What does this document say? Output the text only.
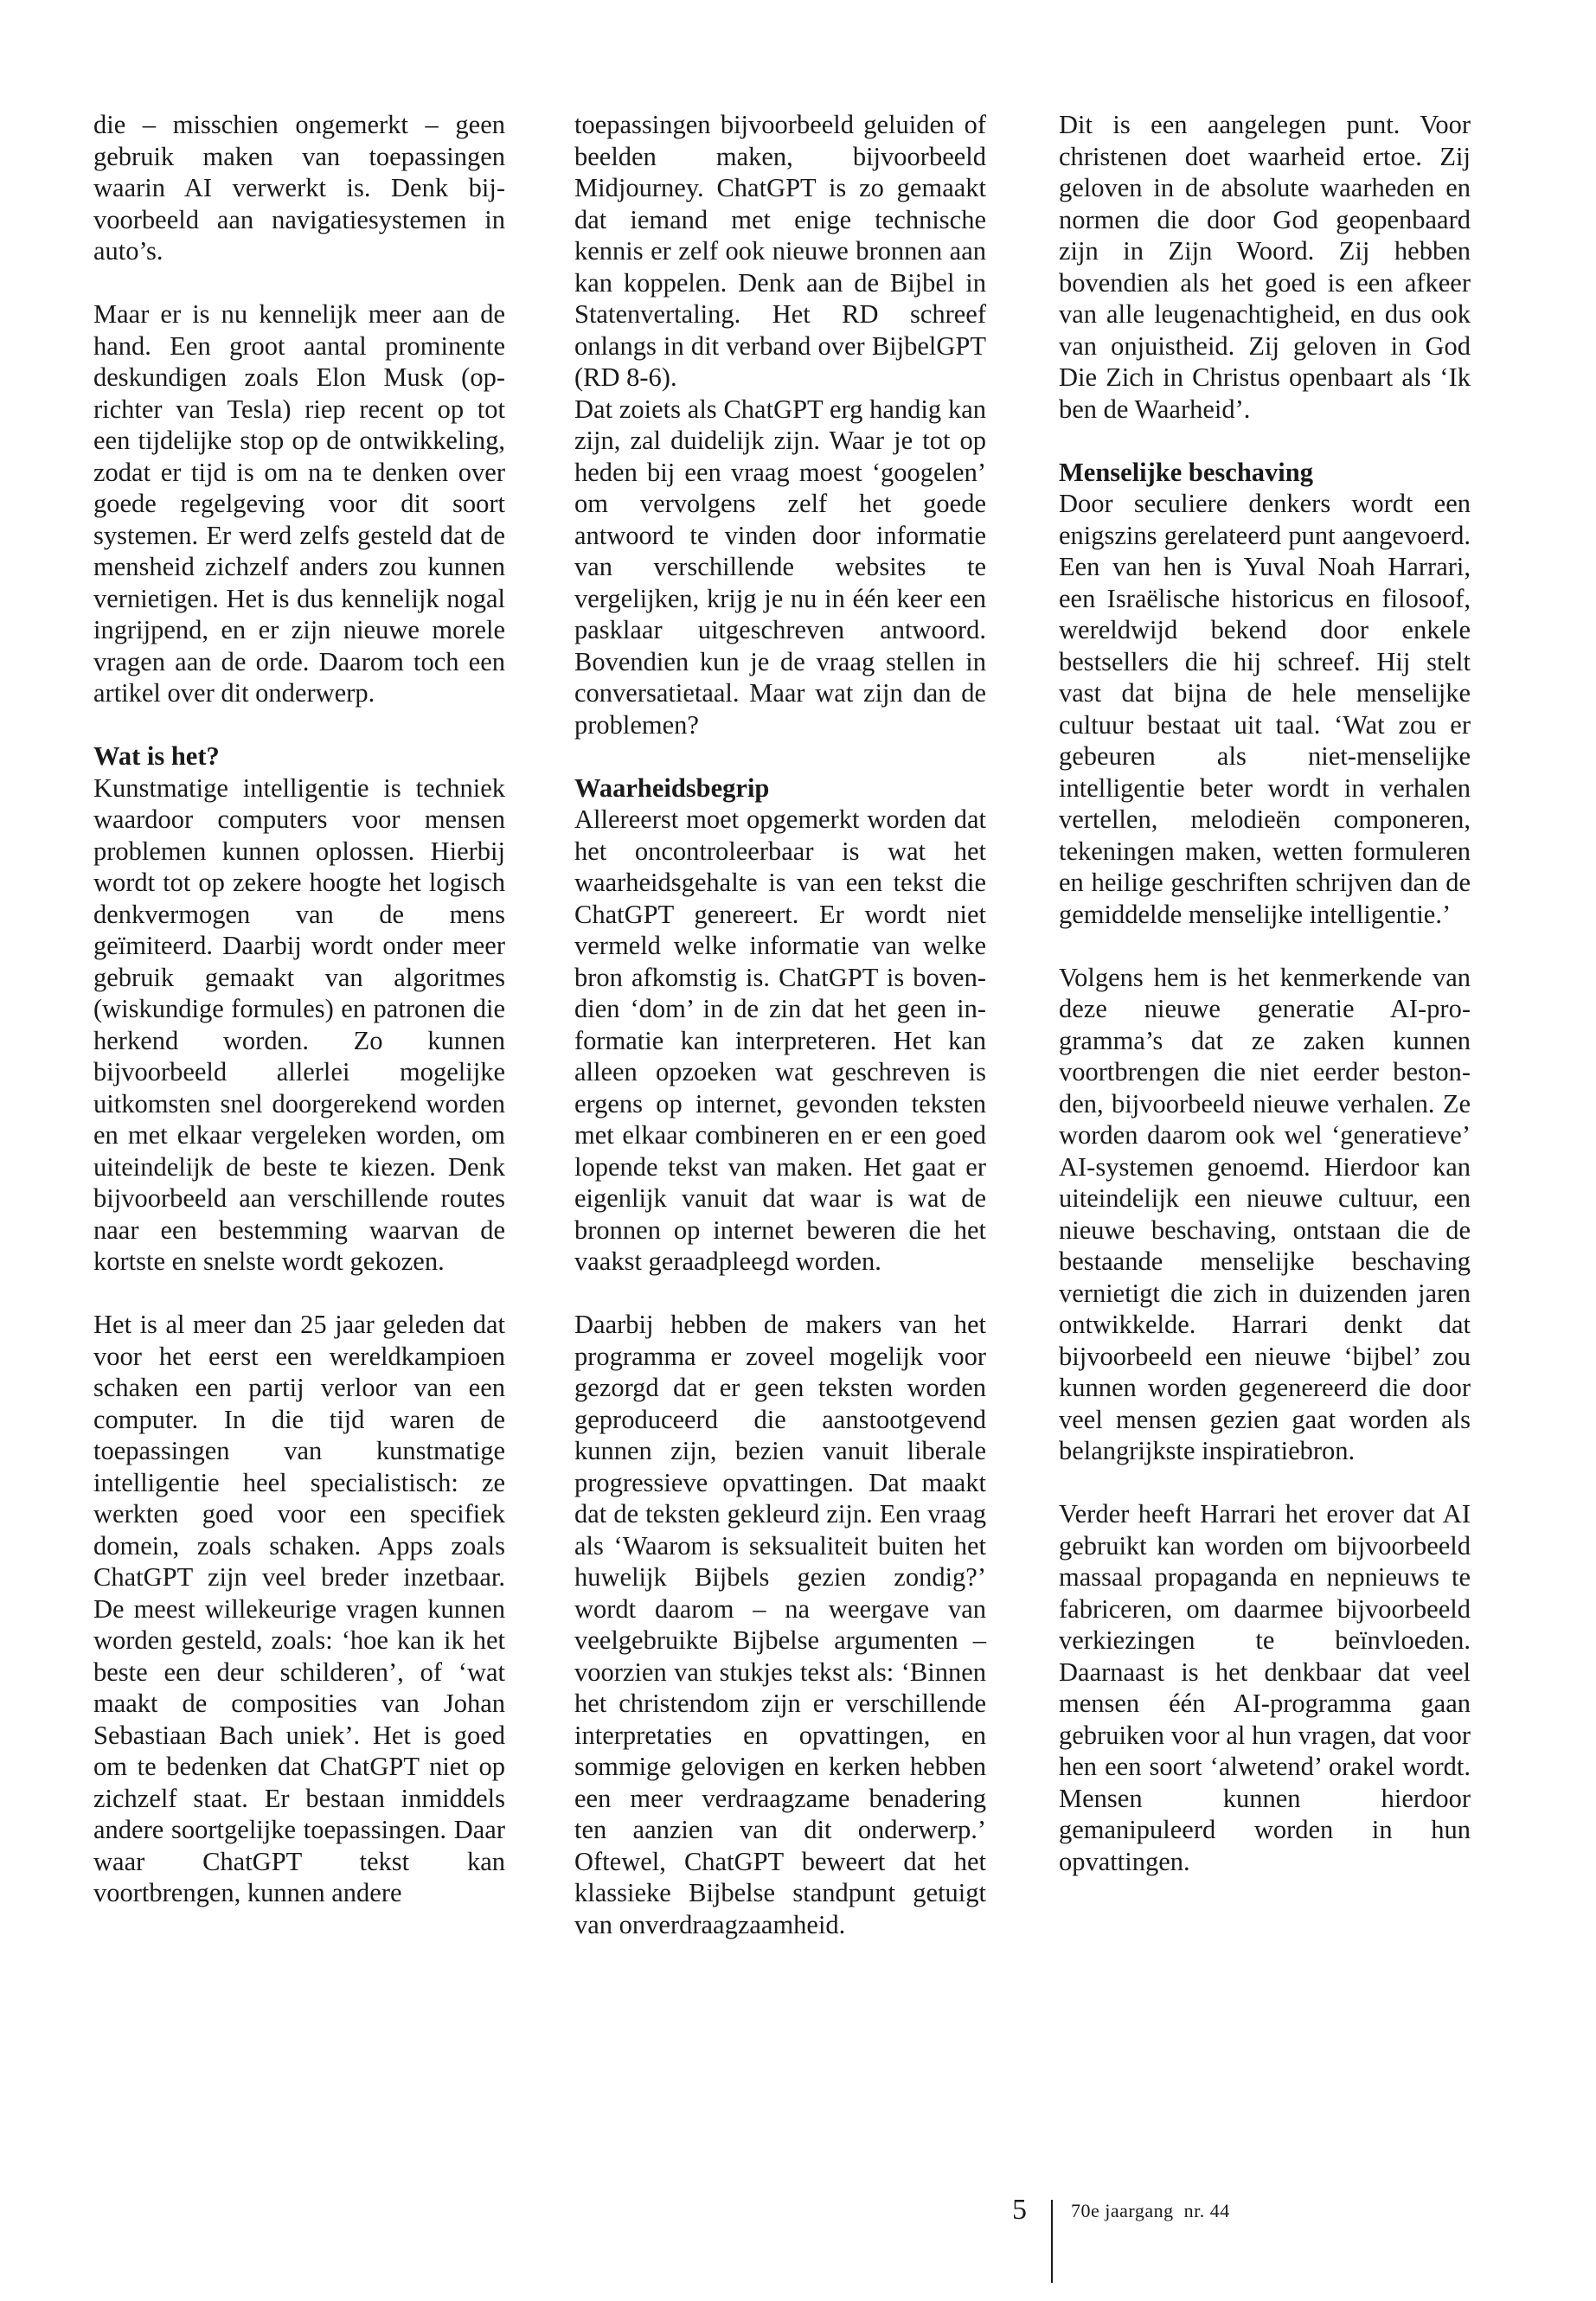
die – misschien ongemerkt – geen gebruik maken van toepassingen waarin AI verwerkt is. Denk bijvoorbeeld aan navigatiesystemen in auto’s.

Maar er is nu kennelijk meer aan de hand. Een groot aantal prominente deskundigen zoals Elon Musk (oprichter van Tesla) riep recent op tot een tijdelijke stop op de ontwikkeling, zodat er tijd is om na te denken over goede regelgeving voor dit soort systemen. Er werd zelfs gesteld dat de mensheid zichzelf anders zou kunnen vernietigen. Het is dus kennelijk nogal ingrijpend, en er zijn nieuwe morele vragen aan de orde. Daarom toch een artikel over dit onderwerp.

Wat is het?

Kunstmatige intelligentie is techniek waardoor computers voor mensen problemen kunnen oplossen. Hierbij wordt tot op zekere hoogte het logisch denkvermogen van de mens geïmiteerd. Daarbij wordt onder meer gebruik gemaakt van algoritmes (wiskundige formules) en patronen die herkend worden. Zo kunnen bijvoorbeeld allerlei mogelijke uitkomsten snel doorgerekend worden en met elkaar vergeleken worden, om uiteindelijk de beste te kiezen. Denk bijvoorbeeld aan verschillende routes naar een bestemming waarvan de kortste en snelste wordt gekozen.

Het is al meer dan 25 jaar geleden dat voor het eerst een wereldkampioen schaken een partij verloor van een computer. In die tijd waren de toepassingen van kunstmatige intelligentie heel specialistisch: ze werkten goed voor een specifiek domein, zoals schaken. Apps zoals ChatGPT zijn veel breder inzetbaar. De meest willekeurige vragen kunnen worden gesteld, zoals: ‘hoe kan ik het beste een deur schilderen’, of ‘wat maakt de composities van Johan Sebastiaan Bach uniek’. Het is goed om te bedenken dat ChatGPT niet op zichzelf staat. Er bestaan inmiddels andere soortgelijke toepassingen. Daar waar ChatGPT tekst kan voortbrengen, kunnen andere

toepassingen bijvoorbeeld geluiden of beelden maken, bijvoorbeeld Midjourney. ChatGPT is zo gemaakt dat iemand met enige technische kennis er zelf ook nieuwe bronnen aan kan koppelen. Denk aan de Bijbel in Statenvertaling. Het RD schreef onlangs in dit verband over BijbelGPT (RD 8-6).

Dat zoiets als ChatGPT erg handig kan zijn, zal duidelijk zijn. Waar je tot op heden bij een vraag moest ‘googelen’ om vervolgens zelf het goede antwoord te vinden door informatie van verschillende websites te vergelijken, krijg je nu in één keer een pasklaar uitgeschreven antwoord. Bovendien kun je de vraag stellen in conversatietaal. Maar wat zijn dan de problemen?

Waarheidsbegrip

Allereerst moet opgemerkt worden dat het oncontroleerbaar is wat het waarheidsgehalte is van een tekst die ChatGPT genereert. Er wordt niet vermeld welke informatie van welke bron afkomstig is. ChatGPT is bovendien ‘dom’ in de zin dat het geen informatie kan interpreteren. Het kan alleen opzoeken wat geschreven is ergens op internet, gevonden teksten met elkaar combineren en er een goed lopende tekst van maken. Het gaat er eigenlijk vanuit dat waar is wat de bronnen op internet beweren die het vaakst geraadpleegd worden.

Daarbij hebben de makers van het programma er zoveel mogelijk voor gezorgd dat er geen teksten worden geproduceerd die aanstootgevend kunnen zijn, bezien vanuit liberale progressieve opvattingen. Dat maakt dat de teksten gekleurd zijn. Een vraag als ‘Waarom is seksualiteit buiten het huwelijk Bijbels gezien zondig?’ wordt daarom – na weergave van veelgebruikte Bijbelse argumenten – voorzien van stukjes tekst als: ‘Binnen het christendom zijn er verschillende interpretaties en opvattingen, en sommige gelovigen en kerken hebben een meer verdraagzame benadering ten aanzien van dit onderwerp.’ Oftewel, ChatGPT beweert dat het klassieke Bijbelse standpunt getuigt van onverdraagzaamheid.

Dit is een aangelegen punt. Voor christenen doet waarheid ertoe. Zij geloven in de absolute waarheden en normen die door God geopenbaard zijn in Zijn Woord. Zij hebben bovendien als het goed is een afkeer van alle leugenachtigheid, en dus ook van onjuistheid. Zij geloven in God Die Zich in Christus openbaart als ‘Ik ben de Waarheid’.

Menselijke beschaving

Door seculiere denkers wordt een enigszins gerelateerd punt aangevoerd. Een van hen is Yuval Noah Harrari, een Israëlische historicus en filosoof, wereldwijd bekend door enkele bestsellers die hij schreef. Hij stelt vast dat bijna de hele menselijke cultuur bestaat uit taal. ‘Wat zou er gebeuren als niet-menselijke intelligentie beter wordt in verhalen vertellen, melodieën componeren, tekeningen maken, wetten formuleren en heilige geschriften schrijven dan de gemiddelde menselijke intelligentie.’

Volgens hem is het kenmerkende van deze nieuwe generatie AI-programma’s dat ze zaken kunnen voortbrengen die niet eerder bestonden, bijvoorbeeld nieuwe verhalen. Ze worden daarom ook wel ‘generatieve’ AI-systemen genoemd. Hierdoor kan uiteindelijk een nieuwe cultuur, een nieuwe beschaving, ontstaan die de bestaande menselijke beschaving vernietigt die zich in duizenden jaren ontwikkelde. Harrari denkt dat bijvoorbeeld een nieuwe ‘bijbel’ zou kunnen worden gegenereerd die door veel mensen gezien gaat worden als belangrijkste inspiratiebron.

Verder heeft Harrari het erover dat AI gebruikt kan worden om bijvoorbeeld massaal propaganda en nepnieuws te fabriceren, om daarmee bijvoorbeeld verkiezingen te beïnvloeden. Daarnaast is het denkbaar dat veel mensen één AI-programma gaan gebruiken voor al hun vragen, dat voor hen een soort ‘alwetend’ orakel wordt. Mensen kunnen hierdoor gemanipuleerd worden in hun opvattingen.

5 70e jaargang  nr. 44
